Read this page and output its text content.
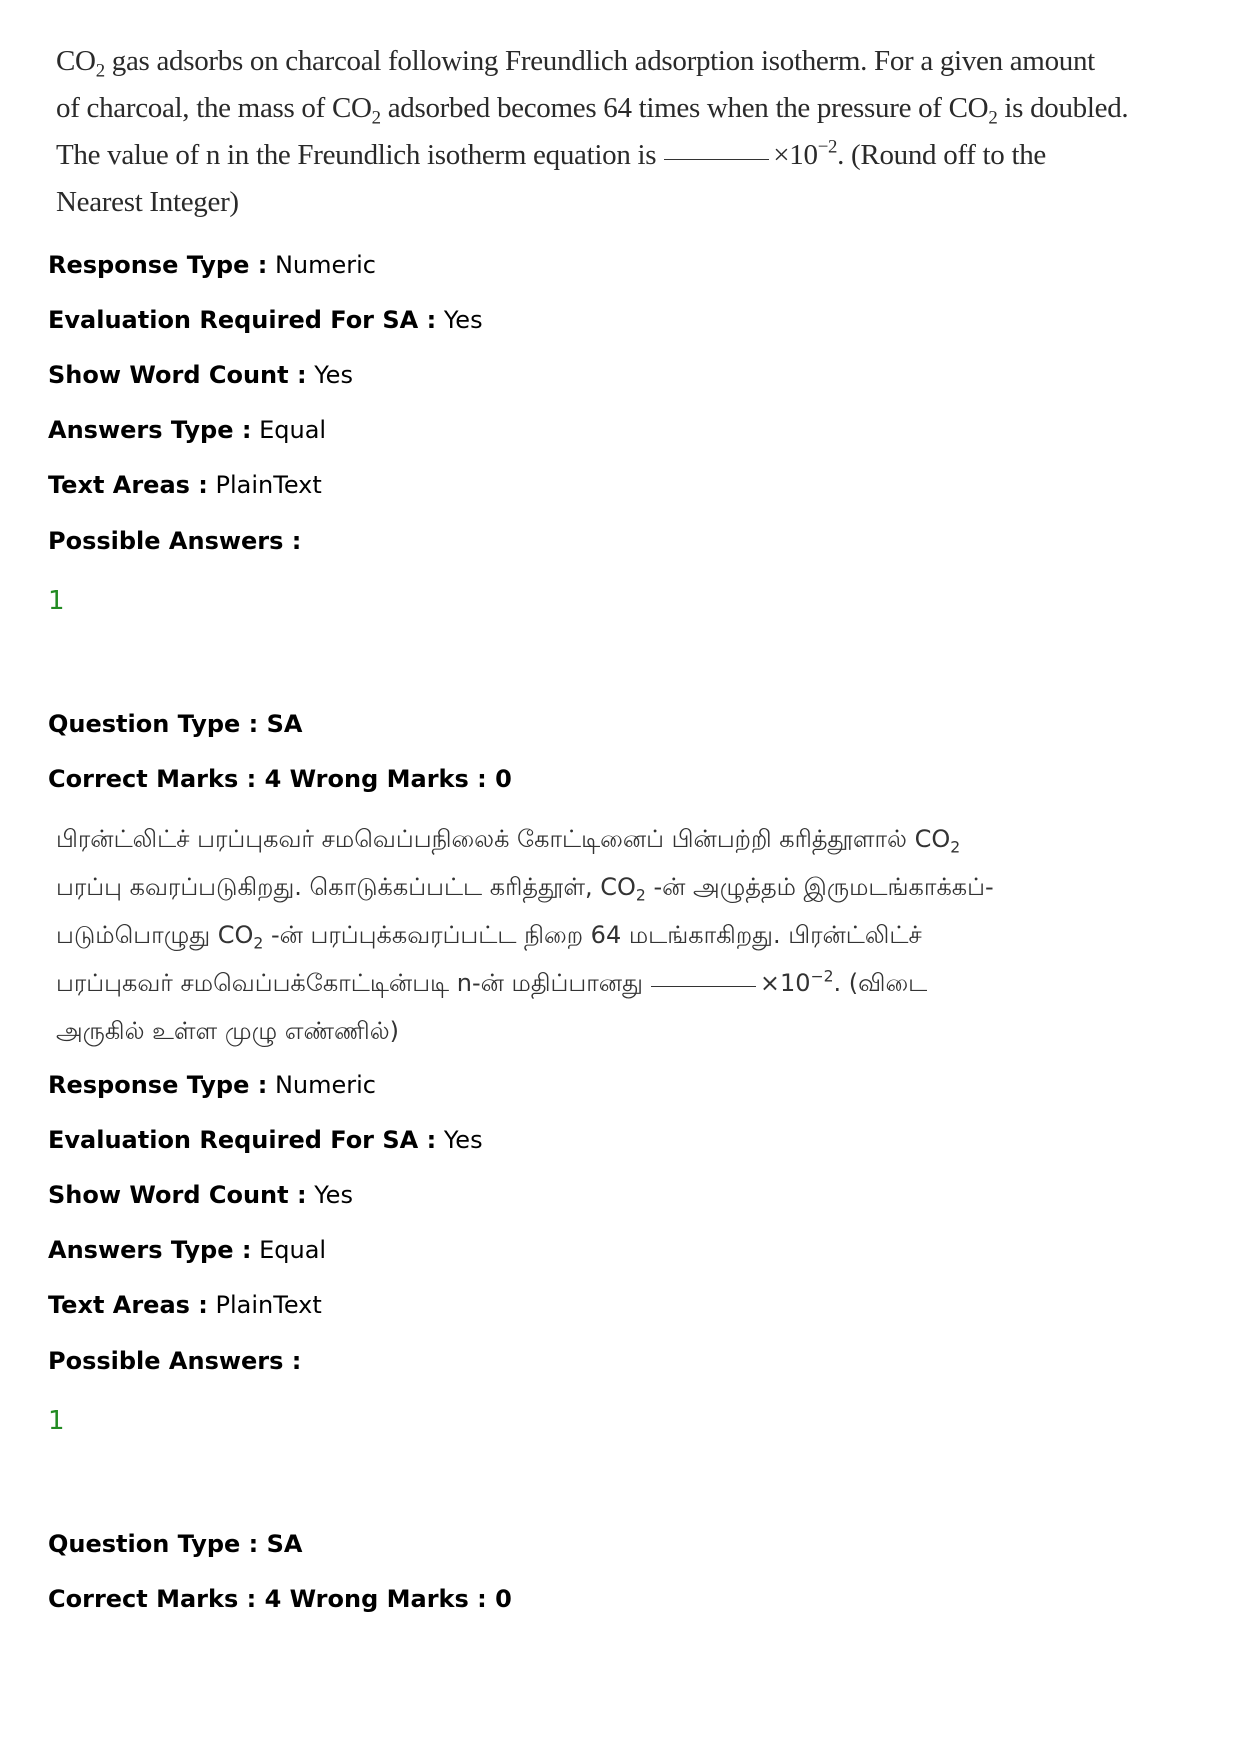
$CO_2$ gas adsorbs on charcoal following Freundlich adsorption isotherm. For a given amount
of charcoal, the mass of $CO_2$ adsorbed becomes 64 times when the pressure of $CO_2$ is doubled.
The value of n in the Freundlich isotherm equation is	$\times 10^{-2}$. (Round off to the
Nearest Integer)
Response Type : Numeric
Evaluation Required For SA : Yes
Show Word Count : Yes
Answers Type : Equal
Text Areas : PlainText
Possible Answers :
1
Question Type : SA
Correct Marks : 4 Wrong Marks : 0
பிரன்ட்லிட்ச் பரப்புகவர் சமவெப்பநிலைக் கோட்டினைப் பின்பற்றி கரித்தூளால் $CO_2$
பரப்பு கவரப்படுகிறது. கொடுக்கப்பட்ட கரித்தூள், $CO_2$ -ன் அழுத்தம் இருமடங்காக்கப்-
படும்பொழுது $CO_2$ -ன் பரப்புக்கவரப்பட்ட நிறை 64 மடங்காகிறது. பிரன்ட்லிட்ச்
பரப்புகவர் சமவெப்பக்கோட்டின்படி n-ன் மதிப்பானது	$\times 10^{-2}$. (விடை
அருகில் உள்ள முழு எண்ணில்)
Response Type : Numeric
Evaluation Required For SA : Yes
Show Word Count : Yes
Answers Type : Equal
Text Areas : PlainText
Possible Answers :
1
Question Type : SA
Correct Marks : 4 Wrong Marks : 0
